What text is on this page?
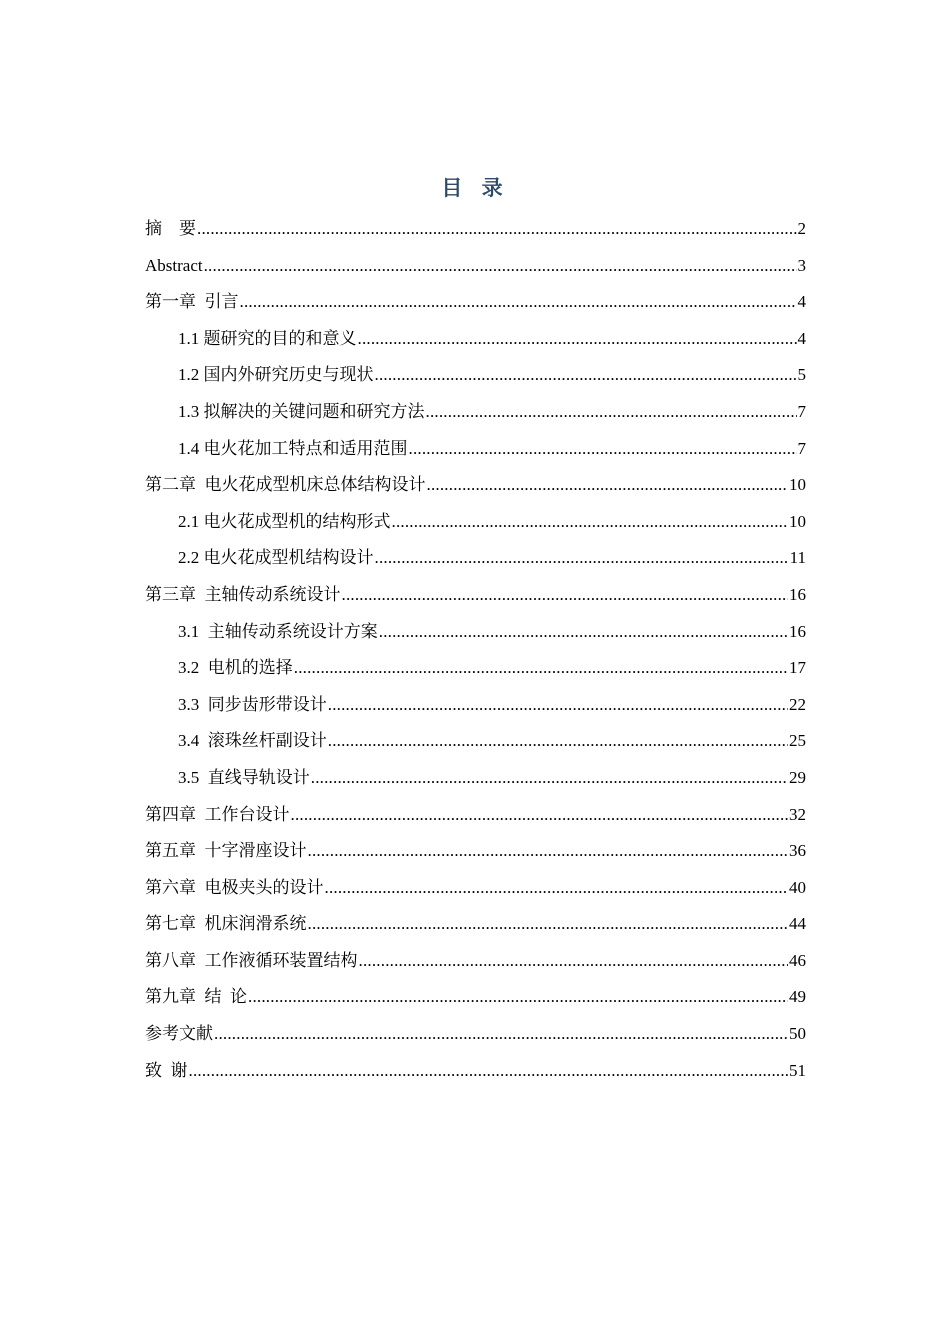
目 录
摘    要 .....	2
Abstract .....	3
第一章  引言 .....	4
1.1 题研究的目的和意义 .....	4
1.2 国内外研究历史与现状 .....	5
1.3 拟解决的关键问题和研究方法 .....	7
1.4 电火花加工特点和适用范围 .....	7
第二章  电火花成型机床总体结构设计 .....	10
2.1 电火花成型机的结构形式 .....	10
2.2 电火花成型机结构设计 .....	11
第三章  主轴传动系统设计 .....	16
3.1  主轴传动系统设计方案 .....	16
3.2  电机的选择 .....	17
3.3  同步齿形带设计 .....	22
3.4  滚珠丝杆副设计 .....	25
3.5  直线导轨设计 .....	29
第四章  工作台设计 .....	32
第五章  十字滑座设计 .....	36
第六章  电极夹头的设计 .....	40
第七章  机床润滑系统 .....	44
第八章  工作液循环装置结构 .....	46
第九章  结  论 .....	49
参考文献 .....	50
致  谢 .....	51
